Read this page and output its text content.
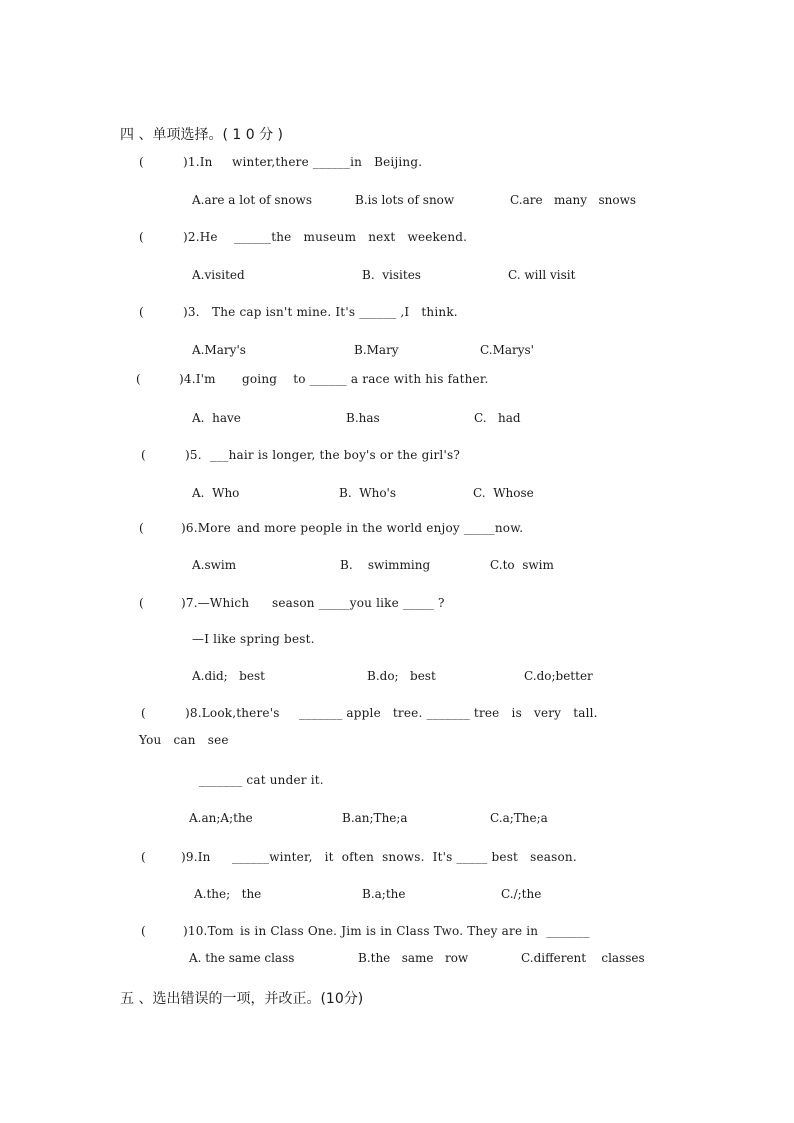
四 、单项选择。( 1 0 分 )
(	)1.In winter,there ______in   Beijing.
A.are a lot of snows	B.is lots of snow	C.are   many   snows
(	)2.He ______the   museum   next   weekend.
A.visited	B.  visites	C. will visit
(	)3. The cap isn't mine. It's ______ ,I   think.
A.Mary's	B.Mary	C.Marys'
(	)4.I'm going    to ______ a race with his father.
A.  have	B.has	C.   had
(	)5. ___hair is longer, the boy's or the girl's?
A.  Who	B.  Who's	C.  Whose
(	)6.More and more people in the world enjoy _____now.
A.swim	B.    swimming	C.to  swim
(	)7.—Which season _____you like _____ ?
—I like spring best.
A.did;   best	B.do;   best	C.do;better
(	)8.Look,there's _______ apple   tree. _______ tree   is   very   tall.
You   can   see
_______ cat under it.
A.an;A;the	B.an;The;a	C.a;The;a
(	)9.In ______winter,   it  often  snows.  It's _____ best   season.
A.the;   the	B.a;the	C./;the
(	)10.Tom is in Class One. Jim is in Class Two. They are in  _______
A. the same class	B.the   same   row	C.different    classes
五 、选出错误的一项，并改正。(10分)
